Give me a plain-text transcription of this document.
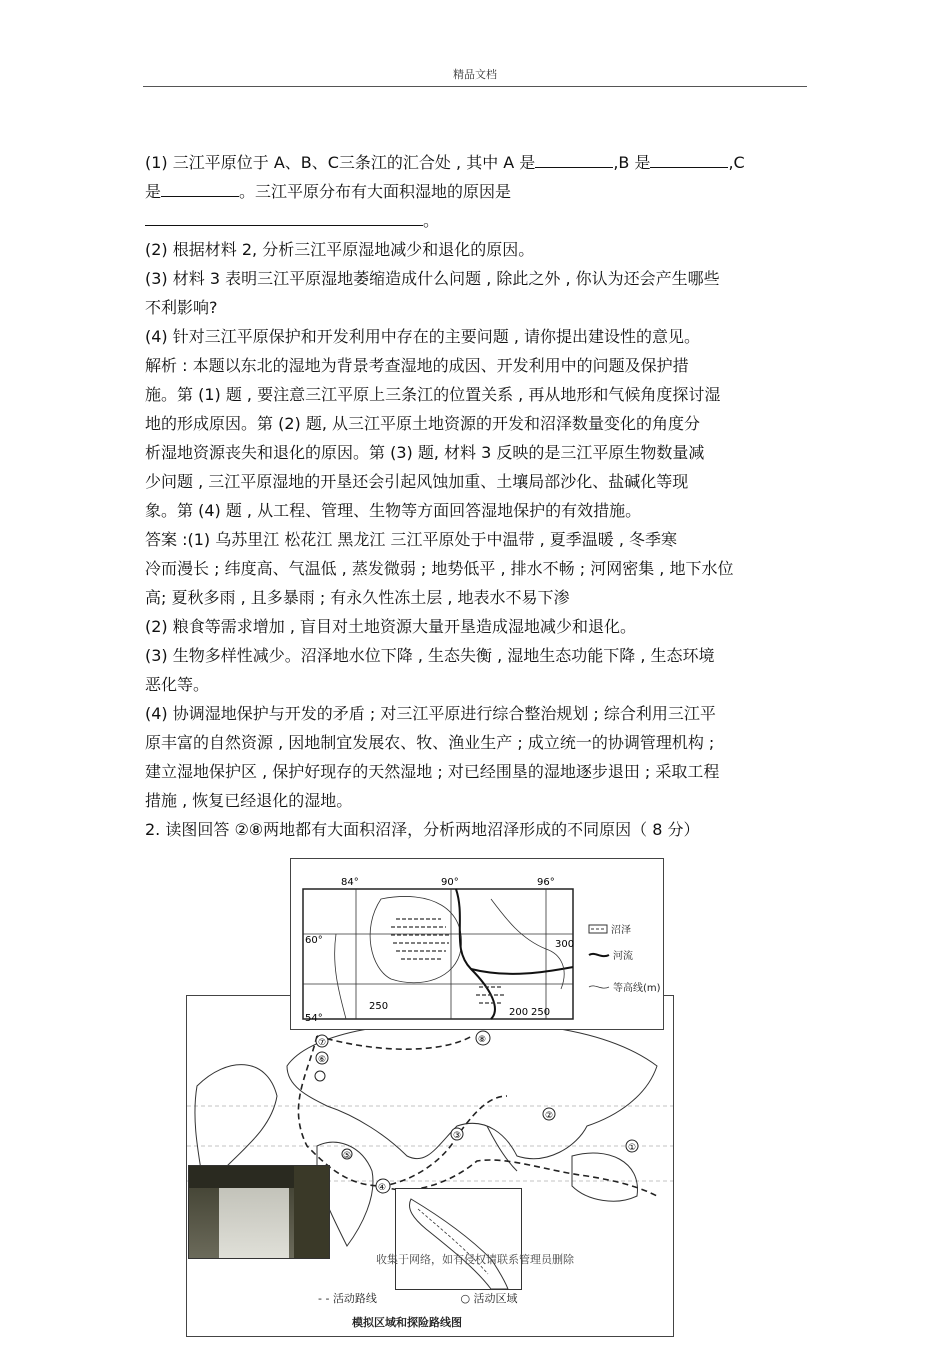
精品文档

(1) 三江平原位于 A、B、C三条江的汇合处 , 其中 A 是	,B 是	,C

是	。三江平原分布有大面积湿地的原因是

。

(2) 根据材料 2, 分析三江平原湿地减少和退化的原因。

(3) 材料 3 表明三江平原湿地萎缩造成什么问题 , 除此之外 , 你认为还会产生哪些

不利影响?

(4) 针对三江平原保护和开发利用中存在的主要问题 , 请你提出建设性的意见。

解析 : 本题以东北的湿地为背景考查湿地的成因、开发利用中的问题及保护措

施。第 (1) 题 , 要注意三江平原上三条江的位置关系 , 再从地形和气候角度探讨湿

地的形成原因。第 (2) 题, 从三江平原土地资源的开发和沼泽数量变化的角度分

析湿地资源丧失和退化的原因。第 (3) 题, 材料 3 反映的是三江平原生物数量减

少问题 , 三江平原湿地的开垦还会引起风蚀加重、土壤局部沙化、盐碱化等现

象。第 (4) 题 , 从工程、管理、生物等方面回答湿地保护的有效措施。

答案 :(1) 乌苏里江 松花江 黑龙江 三江平原处于中温带 , 夏季温暖 , 冬季寒

冷而漫长 ; 纬度高、气温低 , 蒸发微弱 ; 地势低平 , 排水不畅 ; 河网密集 , 地下水位

高; 夏秋多雨 , 且多暴雨 ; 有永久性冻土层 , 地表水不易下渗

(2) 粮食等需求增加 , 盲目对土地资源大量开垦造成湿地减少和退化。

(3) 生物多样性减少。沼泽地水位下降 , 生态失衡 , 湿地生态功能下降 , 生态环境

恶化等。

(4) 协调湿地保护与开发的矛盾 ; 对三江平原进行综合整治规划 ; 综合利用三江平

原丰富的自然资源 , 因地制宜发展农、牧、渔业生产 ; 成立统一的协调管理机构 ;

建立湿地保护区 , 保护好现存的天然湿地 ; 对已经围垦的湿地逐步退田 ; 采取工程

措施 , 恢复已经退化的湿地。

2. 读图回答 ②⑧两地都有大面积沼泽，分析两地沼泽形成的不同原因（ 8 分）

⑦
⑥
⑧
③
⑤
④
①
②
84°	90°	96°
60°
54°
300
250
200 250
沼泽
河流
等高线(m)
收集于网络，如有侵权请联系管理员删除
- - 活动路线	○ 活动区域
模拟区域和探险路线图
